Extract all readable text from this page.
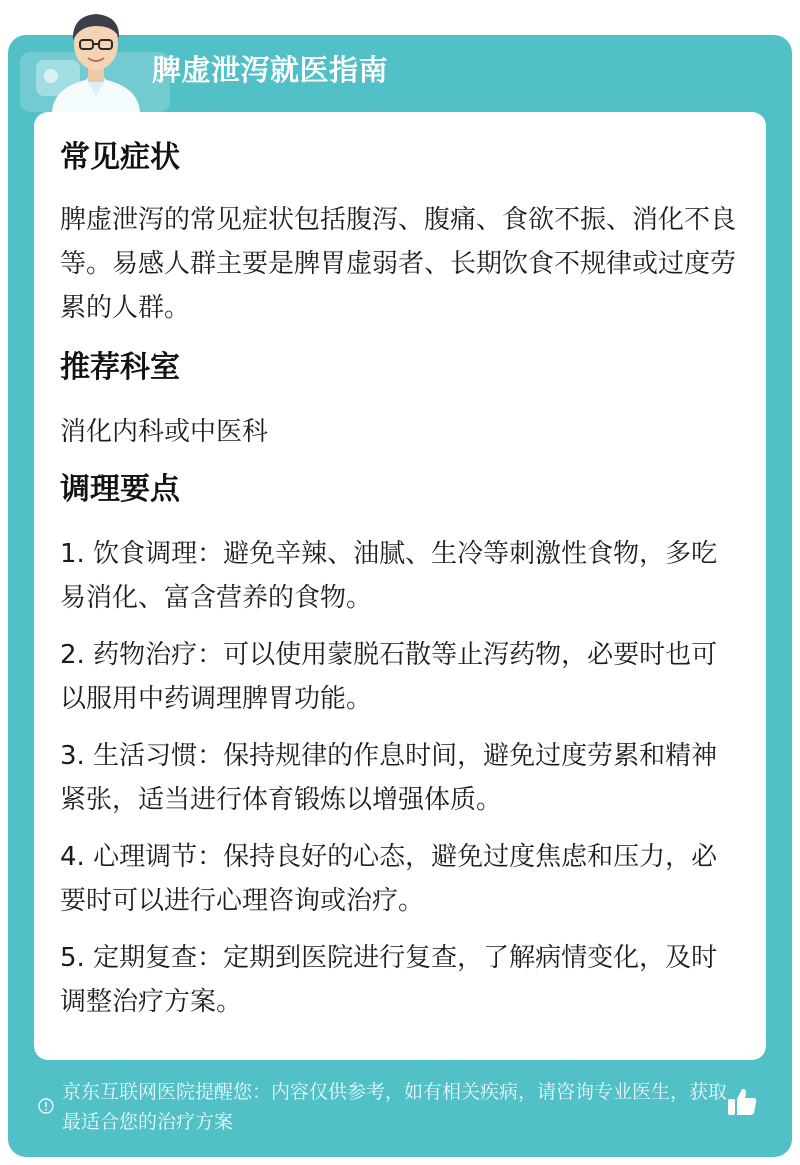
脾虚泄泻就医指南
常见症状
脾虚泄泻的常见症状包括腹泻、腹痛、食欲不振、消化不良等。易感人群主要是脾胃虚弱者、长期饮食不规律或过度劳累的人群。
推荐科室
消化内科或中医科
调理要点
1. 饮食调理：避免辛辣、油腻、生冷等刺激性食物，多吃易消化、富含营养的食物。
2. 药物治疗：可以使用蒙脱石散等止泻药物，必要时也可以服用中药调理脾胃功能。
3. 生活习惯：保持规律的作息时间，避免过度劳累和精神紧张，适当进行体育锻炼以增强体质。
4. 心理调节：保持良好的心态，避免过度焦虑和压力，必要时可以进行心理咨询或治疗。
5. 定期复查：定期到医院进行复查，了解病情变化，及时调整治疗方案。
京东互联网医院提醒您：内容仅供参考，如有相关疾病，请咨询专业医生，获取最适合您的治疗方案
